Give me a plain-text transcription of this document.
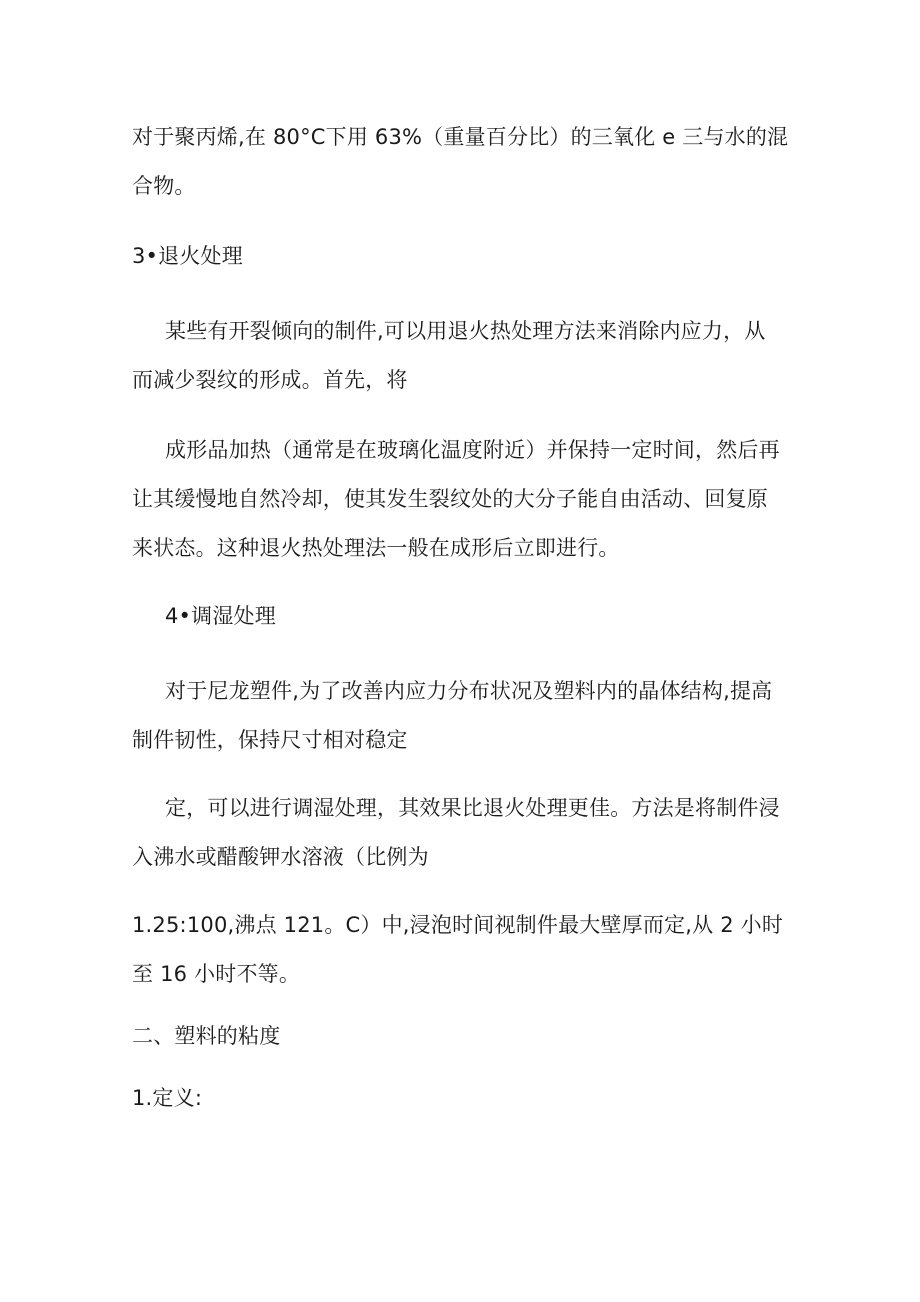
对于聚丙烯,在 80°C下用 63%（重量百分比）的三氧化 e 三与水的混
合物。
3•退火处理
某些有开裂倾向的制件,可以用退火热处理方法来消除内应力，从
而减少裂纹的形成。首先，将
成形品加热（通常是在玻璃化温度附近）并保持一定时间，然后再
让其缓慢地自然冷却，使其发生裂纹处的大分子能自由活动、回复原
来状态。这种退火热处理法一般在成形后立即进行。
4•调湿处理
对于尼龙塑件,为了改善内应力分布状况及塑料内的晶体结构,提高
制件韧性，保持尺寸相对稳定
定，可以进行调湿处理，其效果比退火处理更佳。方法是将制件浸
入沸水或醋酸钾水溶液（比例为
1.25:100,沸点 121。C）中,浸泡时间视制件最大壁厚而定,从 2 小时
至 16 小时不等。
二、塑料的粘度
1.定义:
